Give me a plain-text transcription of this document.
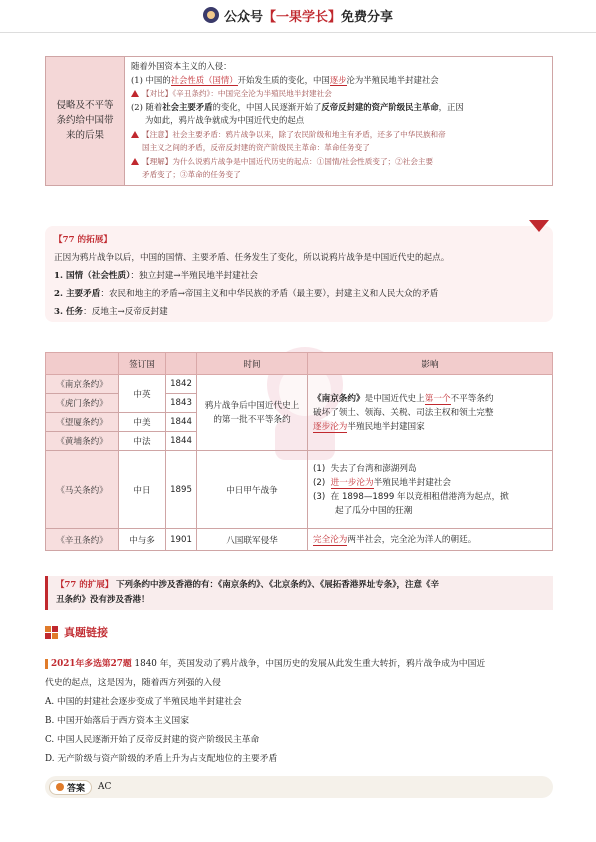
公众号 【一果学长】 免费分享
侵略及不平等
条约给中国带
来的后果

随着外国资本主义的入侵：
(1) 中国的社会性质（国情）开始发生质的变化，中国逐步沦为半殖民地半封建社会
【对比】《辛丑条约》：中国完全沦为半殖民地半封建社会
(2) 随着社会主要矛盾的变化，中国人民逐渐开始了反帝反封建的资产阶级民主革命，正因
为如此，鸦片战争就成为中国近代史的起点
【注意】社会主要矛盾：鸦片战争以来，除了农民阶级和地主有矛盾，还多了中华民族和帝
国主义之间的矛盾，反帝反封建的资产阶级民主革命：革命任务变了
【理解】为什么说鸦片战争是中国近代历史的起点：①国情/社会性质变了；②社会主要
矛盾变了；③革命的任务变了
【77 的拓展】
正因为鸦片战争以后，中国的国情、主要矛盾、任务发生了变化，所以说鸦片战争是中国近代史的起点。
1. 国情（社会性质）：独立封建→半殖民地半封建社会
2. 主要矛盾：农民和地主的矛盾→帝国主义和中华民族的矛盾（最主要），封建主义和人民大众的矛盾
3. 任务：反地主→反帝反封建
	签订国		时间	影响
《南京条约》	中英	1842	鸦片战争后中国近代史上的第一批不平等条约	《南京条约》是中国近代史上第一个不平等条约
破坏了领土、领海、关税、司法主权和领土完整
逐步沦为半殖民地半封建国家

《虎门条约》		1843		
《望厦条约》	中美	1844		
《黄埔条约》	中法	1844		
《马关条约》	中日	1895	中日甲午战争	(1)  失去了台湾和澎湖列岛
(2)  进一步沦为半殖民地半封建社会
(3)  在 1898—1899 年以竞相租借港湾为起点，掀
起了瓜分中国的狂潮

《辛丑条约》	中与多	1901	八国联军侵华	完全沦为两半社会，完全沦为洋人的朝廷。
【77 的扩展】 下列条约中涉及香港的有：《南京条约》、《北京条约》、《展拓香港界址专条》，注意《辛
丑条约》没有涉及香港！
真题链接
2021年多选第27题 1840 年，英国发动了鸦片战争，中国历史的发展从此发生重大转折，鸦片战争成为中国近
代史的起点，这是因为，随着西方列强的入侵
A. 中国的封建社会逐步变成了半殖民地半封建社会
B. 中国开始落后于西方资本主义国家
C. 中国人民逐渐开始了反帝反封建的资产阶级民主革命
D. 无产阶级与资产阶级的矛盾上升为占支配地位的主要矛盾
答案 AC
